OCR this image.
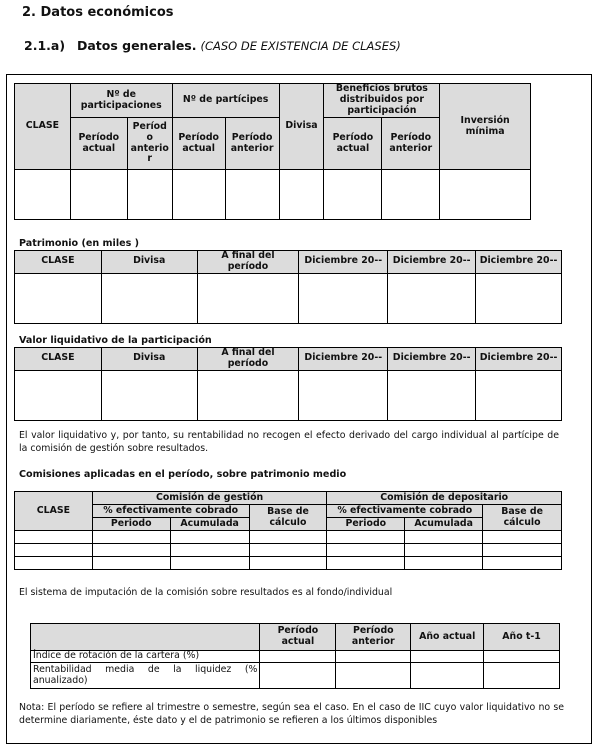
2. Datos económicos
2.1.a) Datos generales. (CASO DE EXISTENCIA DE CLASES)
CLASE	Nº de participaciones		Nº de partícipes		Divisa	Beneficios brutos distribuidos por participación		Inversión mínima
	Período actual	Períod o anterio r	Período actual	Período anterior		Período actual	Período anterior	

Patrimonio (en miles )
CLASE	Divisa	A final del período	Diciembre 20--	Diciembre 20--	Diciembre 20--

Valor liquidativo de la participación
CLASE	Divisa	A final del período	Diciembre 20--	Diciembre 20--	Diciembre 20--

El valor liquidativo y, por tanto, su rentabilidad no recogen el efecto derivado del cargo individual al partícipe de la comisión de gestión sobre resultados.
Comisiones aplicadas en el período, sobre patrimonio medio
CLASE	Comisión de gestión			Comisión de depositario		
	% efectivamente cobrado		Base de cálculo	% efectivamente cobrado		Base de cálculo
	Periodo	Acumulada		Periodo	Acumulada	

El sistema de imputación de la comisión sobre resultados es al fondo/individual
	Período actual	Período anterior	Año actual	Año t-1
Índice de rotación de la cartera (%)				
Rentabilidad media de la liquidez (% anualizado)				
Nota: El período se refiere al trimestre o semestre, según sea el caso. En el caso de IIC cuyo valor liquidativo no se determine diariamente, éste dato y el de patrimonio se refieren a los últimos disponibles
